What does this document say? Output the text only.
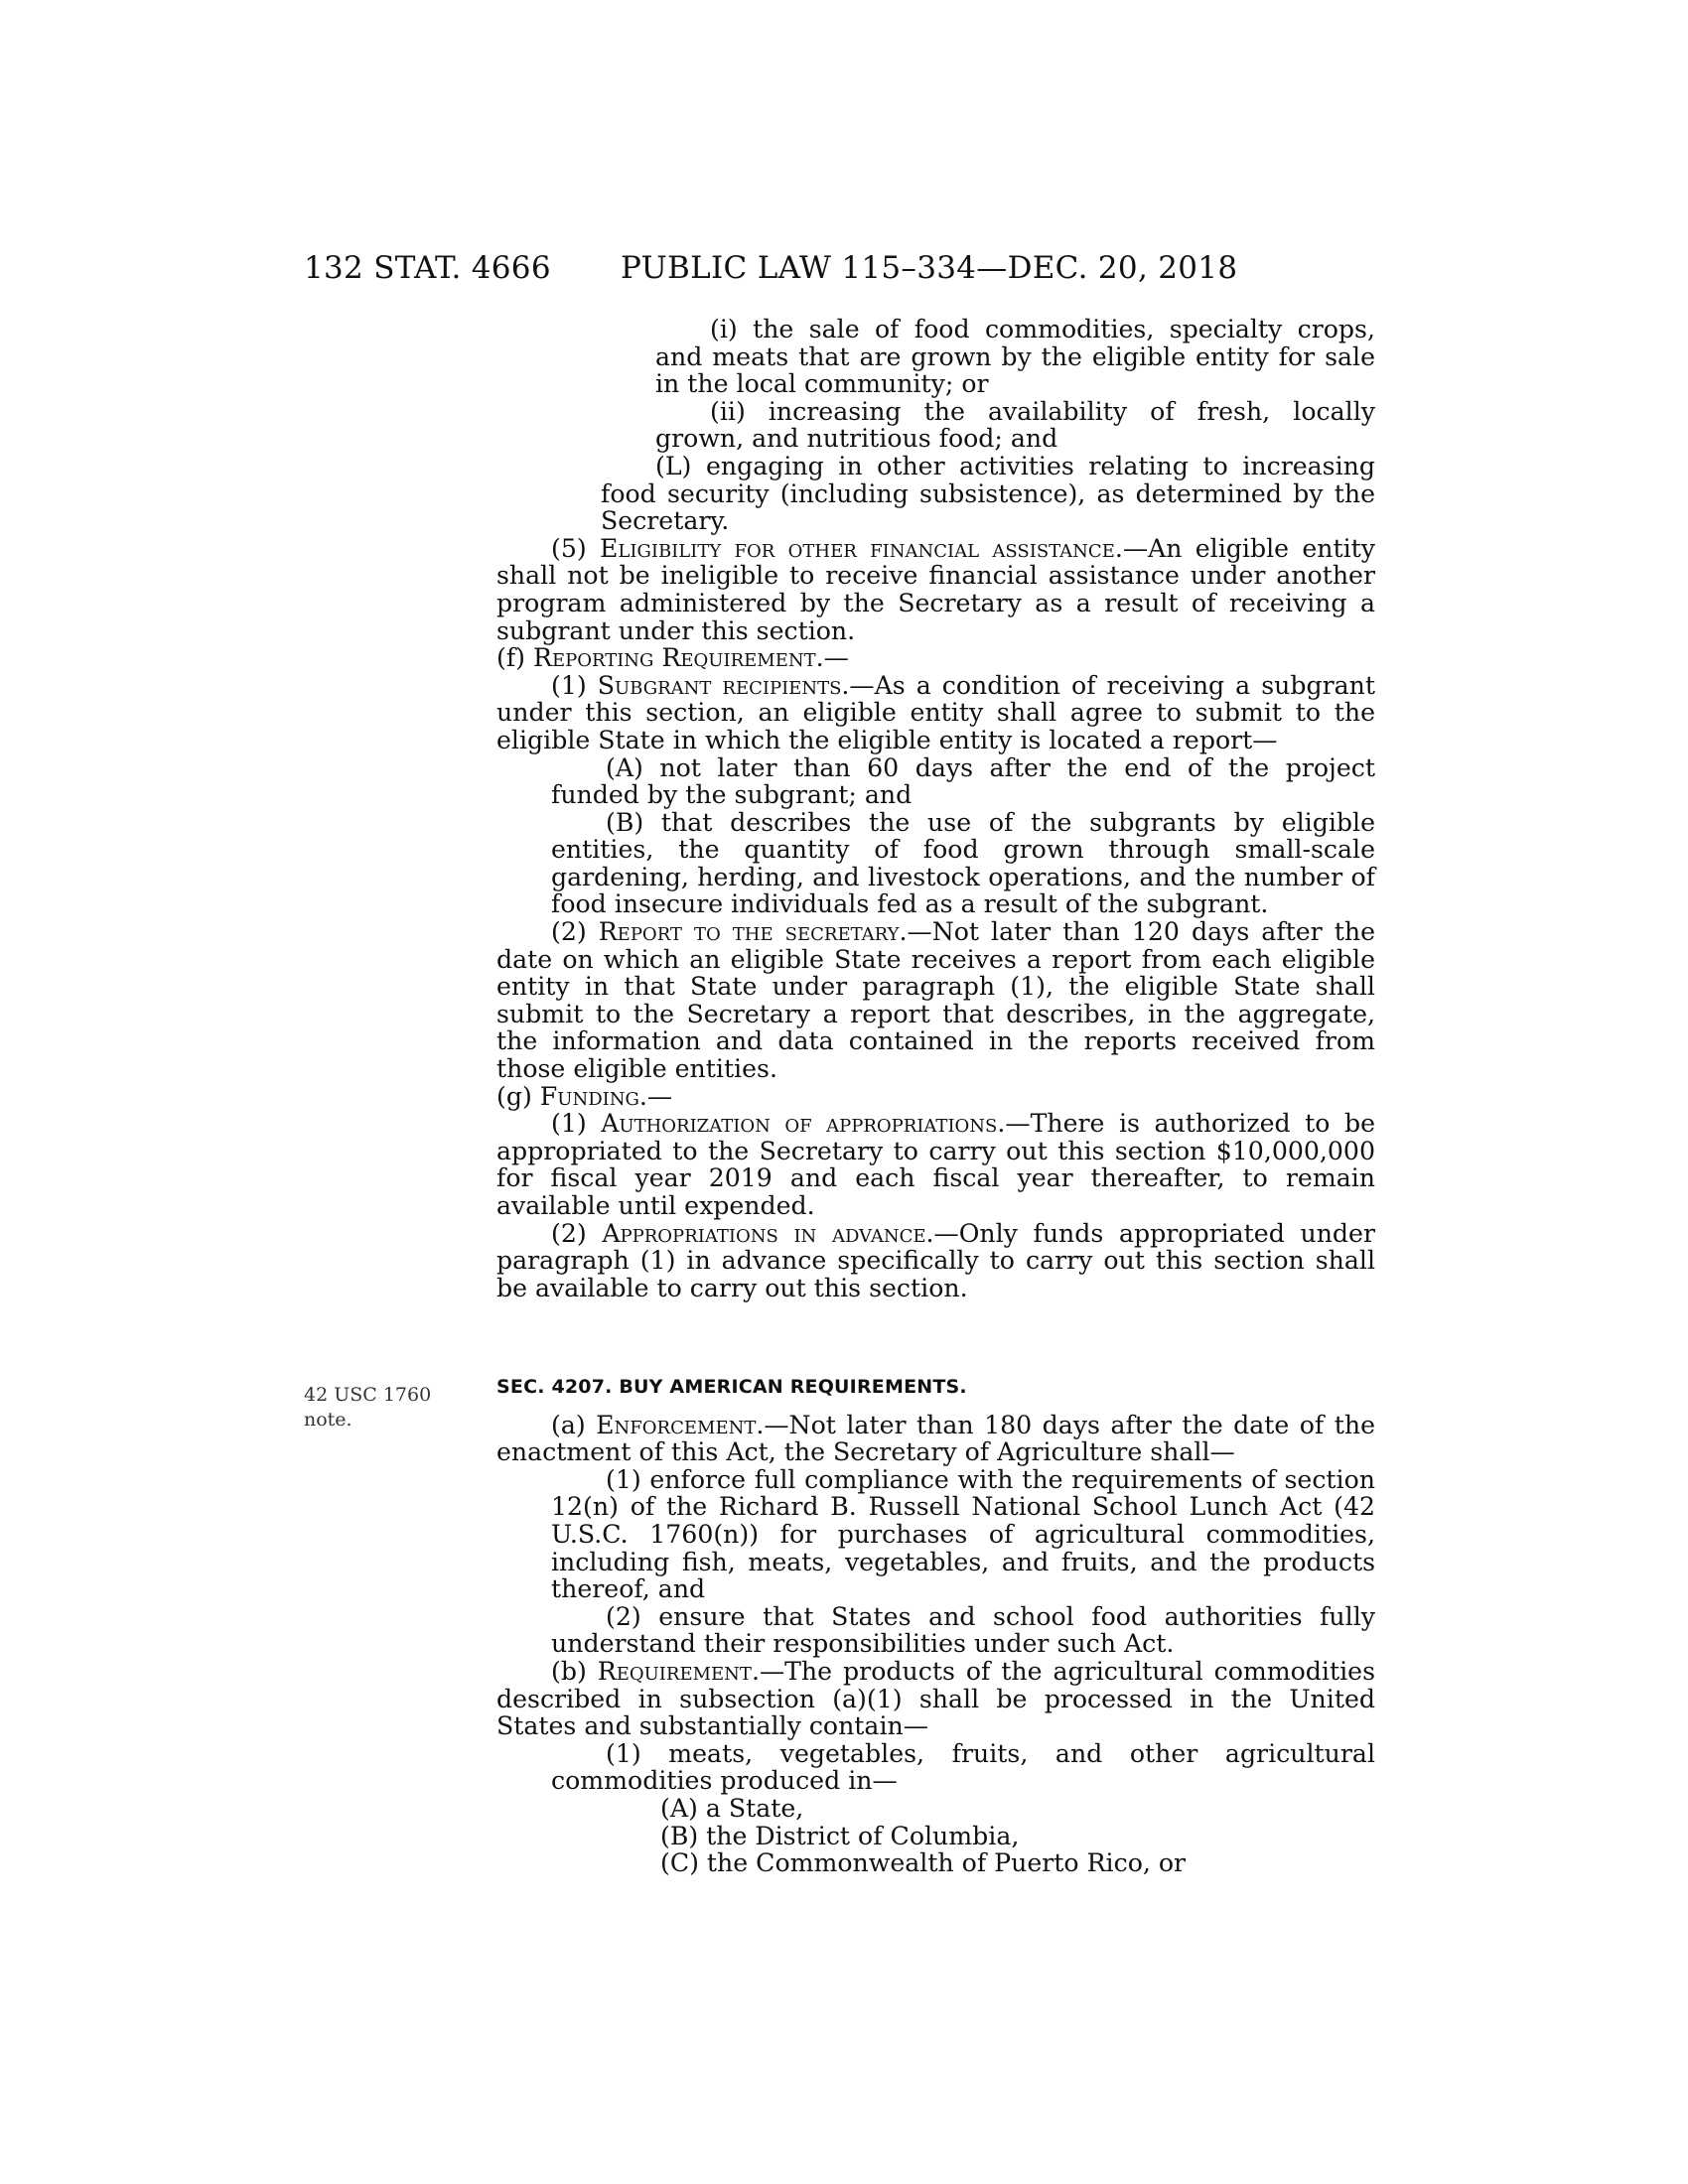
132 STAT. 4666 PUBLIC LAW 115–334—DEC. 20, 2018
42 USC 1760
note.

(i) the sale of food commodities, specialty crops, and meats that are grown by the eligible entity for sale in the local community; or

(ii) increasing the availability of fresh, locally grown, and nutritious food; and

(L) engaging in other activities relating to increasing food security (including subsistence), as determined by the Secretary.

(5) Eligibility for other financial assistance.—An eligible entity shall not be ineligible to receive financial assistance under another program administered by the Secretary as a result of receiving a subgrant under this section.

(f) Reporting Requirement.—

(1) Subgrant recipients.—As a condition of receiving a subgrant under this section, an eligible entity shall agree to submit to the eligible State in which the eligible entity is located a report—

(A) not later than 60 days after the end of the project funded by the subgrant; and

(B) that describes the use of the subgrants by eligible entities, the quantity of food grown through small-scale gardening, herding, and livestock operations, and the number of food insecure individuals fed as a result of the subgrant.

(2) Report to the secretary.—Not later than 120 days after the date on which an eligible State receives a report from each eligible entity in that State under paragraph (1), the eligible State shall submit to the Secretary a report that describes, in the aggregate, the information and data contained in the reports received from those eligible entities.

(g) Funding.—

(1) Authorization of appropriations.—There is authorized to be appropriated to the Secretary to carry out this section $10,000,000 for fiscal year 2019 and each fiscal year thereafter, to remain available until expended.

(2) Appropriations in advance.—Only funds appropriated under paragraph (1) in advance specifically to carry out this section shall be available to carry out this section.

SEC. 4207. BUY AMERICAN REQUIREMENTS.

(a) Enforcement.—Not later than 180 days after the date of the enactment of this Act, the Secretary of Agriculture shall—

(1) enforce full compliance with the requirements of section 12(n) of the Richard B. Russell National School Lunch Act (42 U.S.C. 1760(n)) for purchases of agricultural commodities, including fish, meats, vegetables, and fruits, and the products thereof, and

(2) ensure that States and school food authorities fully understand their responsibilities under such Act.

(b) Requirement.—The products of the agricultural commodities described in subsection (a)(1) shall be processed in the United States and substantially contain—

(1) meats, vegetables, fruits, and other agricultural commodities produced in—

(A) a State,

(B) the District of Columbia,

(C) the Commonwealth of Puerto Rico, or
